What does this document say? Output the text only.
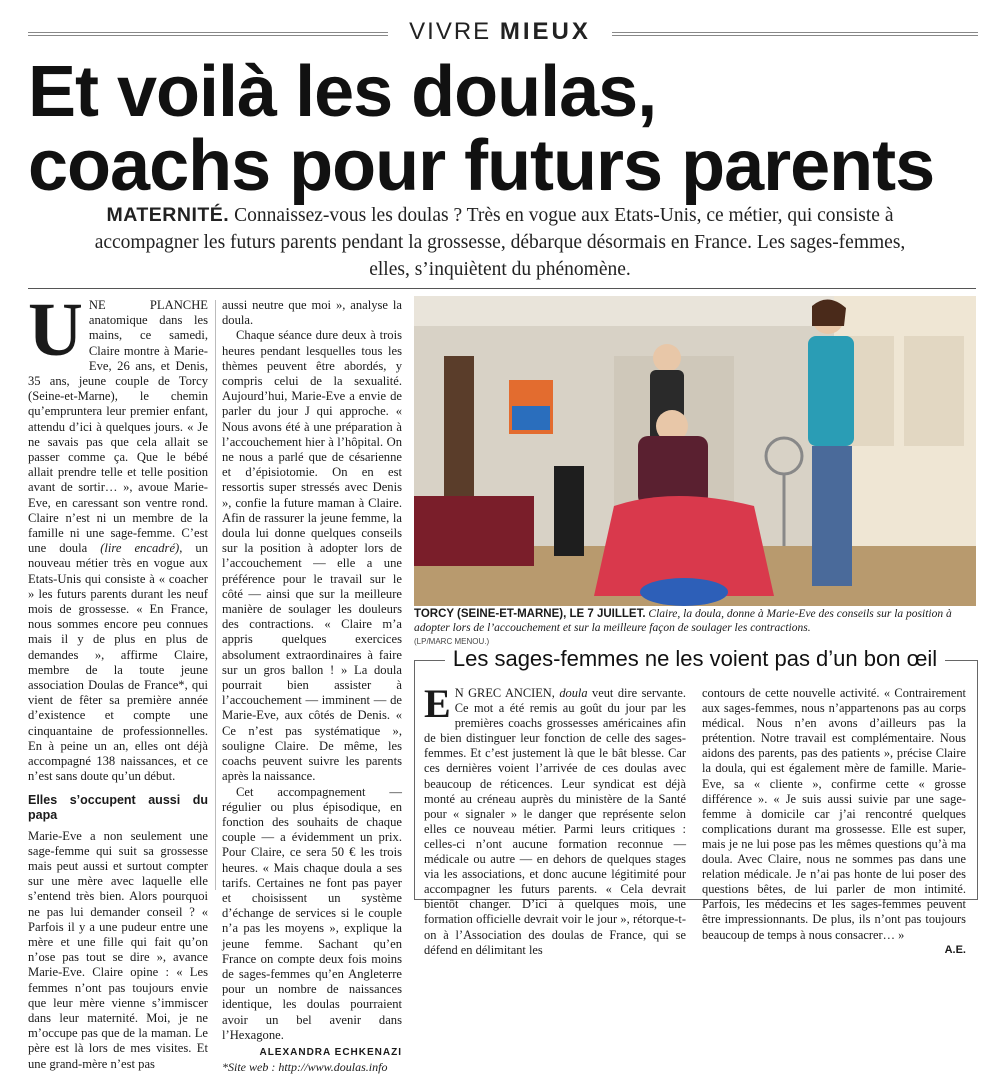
VIVRE MIEUX
Et voilà les doulas,
coachs pour futurs parents
MATERNITÉ. Connaissez-vous les doulas ? Très en vogue aux Etats-Unis, ce métier, qui consiste à accompagner les futurs parents pendant la grossesse, débarque désormais en France. Les sages-femmes, elles, s’inquiètent du phénomène.

UNE PLANCHE anatomique dans les mains, ce samedi, Claire montre à Marie-Eve, 26 ans, et Denis, 35 ans, jeune couple de Torcy (Seine-et-Marne), le chemin qu’empruntera leur premier enfant, attendu d’ici à quelques jours. « Je ne savais pas que cela allait se passer comme ça. Que le bébé allait prendre telle et telle position avant de sortir… », avoue Marie-Eve, en caressant son ventre rond. Claire n’est ni un membre de la famille ni une sage-femme. C’est une doula (lire encadré), un nouveau métier très en vogue aux Etats-Unis qui consiste à « coacher » les futurs parents durant les neuf mois de grossesse. « En France, nous sommes encore peu connues mais il y de plus en plus de demandes », affirme Claire, membre de la toute jeune association Doulas de France*, qui vient de fêter sa première année d’existence et compte une cinquantaine de professionnelles. En à peine un an, elles ont déjà accompagné 138 naissances, et ce n’est sans doute qu’un début.

Elles s’occupent aussi du papa

Marie-Eve a non seulement une sage-femme qui suit sa grossesse mais peut aussi et surtout compter sur une mère avec laquelle elle s’entend très bien. Alors pourquoi ne pas lui demander conseil ? « Parfois il y a une pudeur entre une mère et une fille qui fait qu’on n’ose pas tout se dire », avance Marie-Eve. Claire opine : « Les femmes n’ont pas toujours envie que leur mère vienne s’immiscer dans leur maternité. Moi, je ne m’occupe pas que de la maman. Le père est là lors de mes visites. Et une grand-mère n’est pas

aussi neutre que moi », analyse la doula.

Chaque séance dure deux à trois heures pendant lesquelles tous les thèmes peuvent être abordés, y compris celui de la sexualité. Aujourd’hui, Marie-Eve a envie de parler du jour J qui approche. « Nous avons été à une préparation à l’accouchement hier à l’hôpital. On ne nous a parlé que de césarienne et d’épisiotomie. On en est ressortis super stressés avec Denis », confie la future maman à Claire. Afin de rassurer la jeune femme, la doula lui donne quelques conseils sur la position à adopter lors de l’accouchement — elle a une préférence pour le travail sur le côté — ainsi que sur la meilleure manière de soulager les douleurs des contractions. « Claire m’a appris quelques exercices absolument extraordinaires à faire sur un gros ballon ! » La doula pourrait bien assister à l’accouchement — imminent — de Marie-Eve, aux côtés de Denis. « Ce n’est pas systématique », souligne Claire. De même, les coachs peuvent suivre les parents après la naissance.

Cet accompagnement — régulier ou plus épisodique, en fonction des souhaits de chaque couple — a évidemment un prix. Pour Claire, ce sera 50 € les trois heures. « Mais chaque doula a ses tarifs. Certaines ne font pas payer et choisissent un système d’échange de services si le couple n’a pas les moyens », explique la jeune femme. Sachant qu’en France on compte deux fois moins de sages-femmes qu’en Angleterre pour un nombre de naissances identique, les doulas pourraient avoir un bel avenir dans l’Hexagone.

ALEXANDRA ECHKENAZI
*Site web : http://www.doulas.info
TORCY (SEINE-ET-MARNE), LE 7 JUILLET. Claire, la doula, donne à Marie-Eve des conseils sur la position à adopter lors de l’accouchement et sur la meilleure façon de soulager les contractions.
(LP/MARC MENOU.)
Les sages-femmes ne les voient pas d’un bon œil

E N GREC ANCIEN, doula veut dire servante. Ce mot a été remis au goût du jour par les premières coachs grossesses américaines afin de bien distinguer leur fonction de celle des sages-femmes. Et c’est justement là que le bât blesse. Car ces dernières voient l’arrivée de ces doulas avec beaucoup de réticences. Leur syndicat est déjà monté au créneau auprès du ministère de la Santé pour « signaler » le danger que représente selon elles ce nouveau métier. Parmi leurs critiques : celles-ci n’ont aucune formation reconnue — médicale ou autre — en dehors de quelques stages via les associations, et donc aucune légitimité pour accompagner les futurs parents. « Cela devrait bientôt changer. D’ici à quelques mois, une formation officielle devrait voir le jour », rétorque-t-on à l’Association des doulas de France, qui se défend en délimitant les

contours de cette nouvelle activité. « Contrairement aux sages-femmes, nous n’appartenons pas au corps médical. Nous n’en avons d’ailleurs pas la prétention. Notre travail est complémentaire. Nous aidons des parents, pas des patients », précise Claire la doula, qui est également mère de famille. Marie-Eve, sa « cliente », confirme cette « grosse différence ». « Je suis aussi suivie par une sage-femme à domicile car j’ai rencontré quelques complications durant ma grossesse. Elle est super, mais je ne lui pose pas les mêmes questions qu’à ma doula. Avec Claire, nous ne sommes pas dans une relation médicale. Je n’ai pas honte de lui poser des questions bêtes, de lui parler de mon intimité. Parfois, les médecins et les sages-femmes peuvent être impressionnants. De plus, ils n’ont pas toujours beaucoup de temps à nous consacrer… »

A.E.
